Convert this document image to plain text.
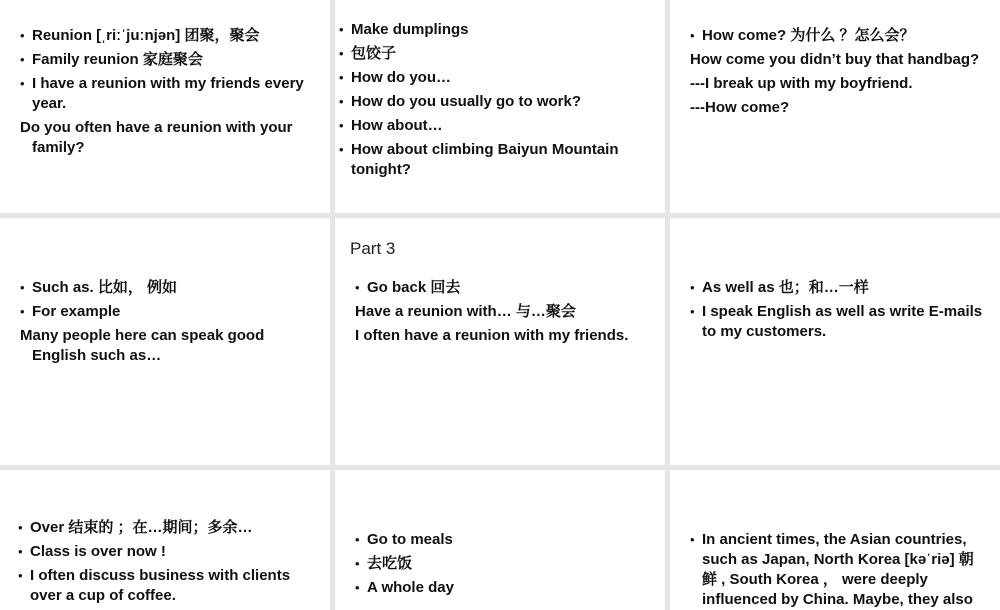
• Reunion [ˌriːˈjuːnjən] 团聚，聚会
• Family reunion 家庭聚会
• I have a reunion with my friends every year.
Do you often have a reunion with your family?
• Make dumplings
• 包饺子
• How do you…
• How do you usually go to work?
• How about…
• How about climbing Baiyun Mountain tonight?
• How come? 为什么 ？怎么会？
How come you didn’t buy that handbag?
---I break up with my boyfriend.
---How come?
• Such as. 比如， 例如
• For example
Many people here can speak good English such as…
Part 3
• Go back 回去
Have a reunion with… 与…聚会
I often have a reunion with my friends.
• As well as 也；和…一样
• I speak English as well as write E-mails to my customers.
• Over 结束的 ；在…期间；多余…
• Class is over now !
• I often discuss business with clients over a cup of coffee.
• Go to meals
• 去吃饭
• A whole day
• In ancient times, the Asian countries, such as Japan, North Korea [kəˈriə] 朝鲜 , South Korea ， were deeply influenced by China. Maybe, they also
